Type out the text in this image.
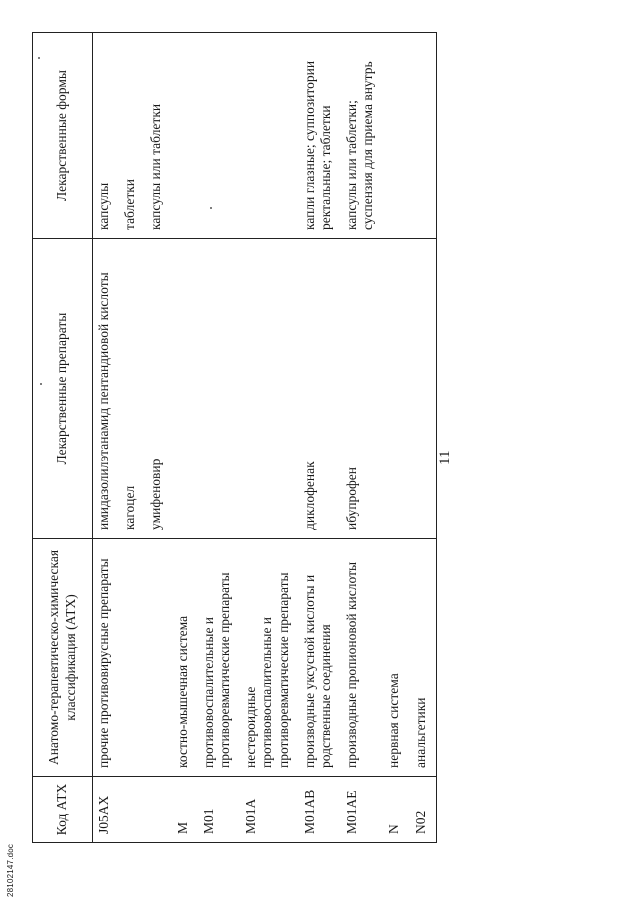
11
28102147.doc
Код АТХ	Анатомо-терапевтическо-химическая классификация (АТХ)	Лекарственные препараты	Лекарственные формы
J05AX	прочие противовирусные препараты	имидазолилэтанамид пентандиовой кислоты	капсулы
		кагоцел	таблетки
		умифеновир	капсулы или таблетки
M	костно-мышечная система		
M01	противовоспалительные и противоревматические препараты		
M01A	нестероидные противовоспалительные и противоревматические препараты		
M01AB	производные уксусной кислоты и родственные соединения	диклофенак	капли глазные; суппозитории ректальные; таблетки
M01AE	производные пропионовой кислоты	ибупрофен	капсулы или таблетки; суспензия для приема внутрь
N	нервная система		
N02	анальгетики		
